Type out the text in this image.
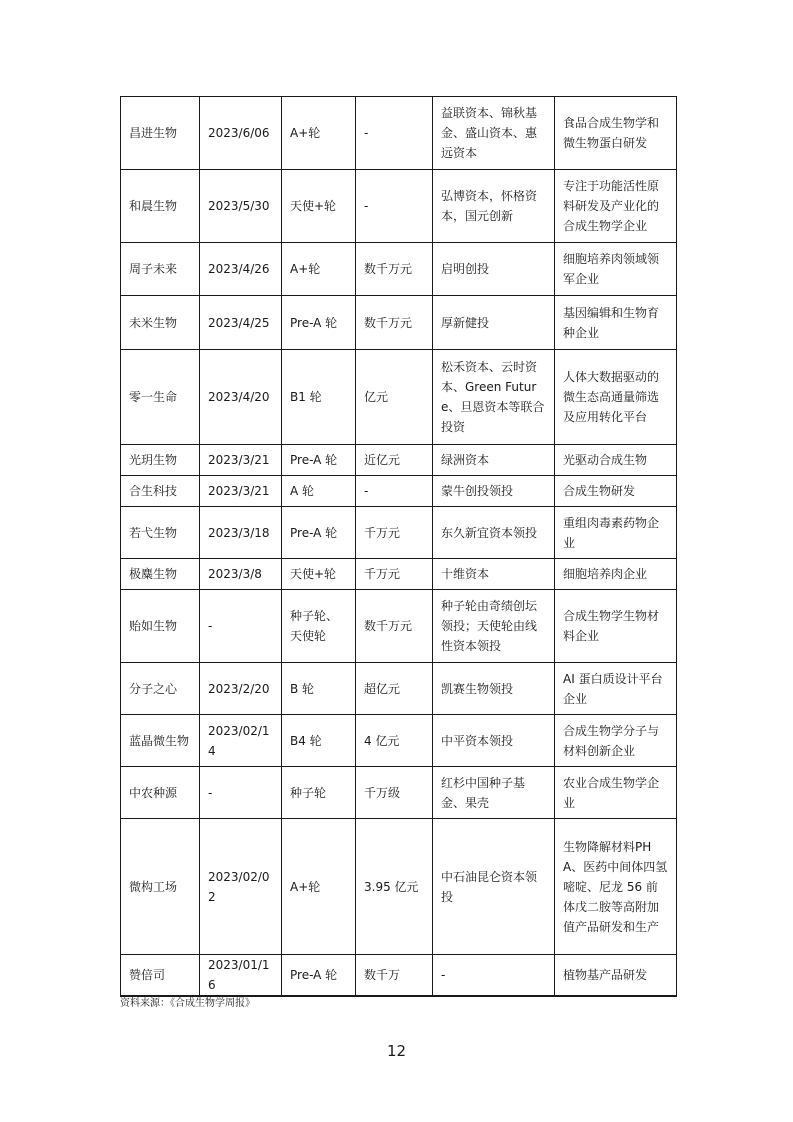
昌进生物	2023/6/06	A+轮	-	益联资本、锦秋基金、盛山资本、惠远资本	食品合成生物学和微生物蛋白研发
和晨生物	2023/5/30	天使+轮	-	弘博资本，怀格资本，国元创新	专注于功能活性原料研发及产业化的合成生物学企业
周子未来	2023/4/26	A+轮	数千万元	启明创投	细胞培养肉领域领军企业
未米生物	2023/4/25	Pre-A 轮	数千万元	厚新健投	基因编辑和生物育种企业
零一生命	2023/4/20	B1 轮	亿元	松禾资本、云时资本、Green Future、旦恩资本等联合投资	人体大数据驱动的微生态高通量筛选及应用转化平台
光玥生物	2023/3/21	Pre-A 轮	近亿元	绿洲资本	光驱动合成生物
合生科技	2023/3/21	A 轮	-	蒙牛创投领投	合成生物研发
若弋生物	2023/3/18	Pre-A 轮	千万元	东久新宜资本领投	重组肉毒素药物企业
极麋生物	2023/3/8	天使+轮	千万元	十维资本	细胞培养肉企业
贻如生物	-	种子轮、天使轮	数千万元	种子轮由奇绩创坛领投；天使轮由线性资本领投	合成生物学生物材料企业
分子之心	2023/2/20	B 轮	超亿元	凯赛生物领投	AI 蛋白质设计平台企业
蓝晶微生物	2023/02/14	B4 轮	4 亿元	中平资本领投	合成生物学分子与材料创新企业
中农种源	-	种子轮	千万级	红杉中国种子基金、果壳	农业合成生物学企业
微构工场	2023/02/02	A+轮	3.95 亿元	中石油昆仑资本领投	生物降解材料PHA、医药中间体四氢嘧啶、尼龙 56 前体戊二胺等高附加值产品研发和生产
赞倍司	2023/01/16	Pre-A 轮	数千万	-	植物基产品研发
资料来源：《合成生物学周报》
12
